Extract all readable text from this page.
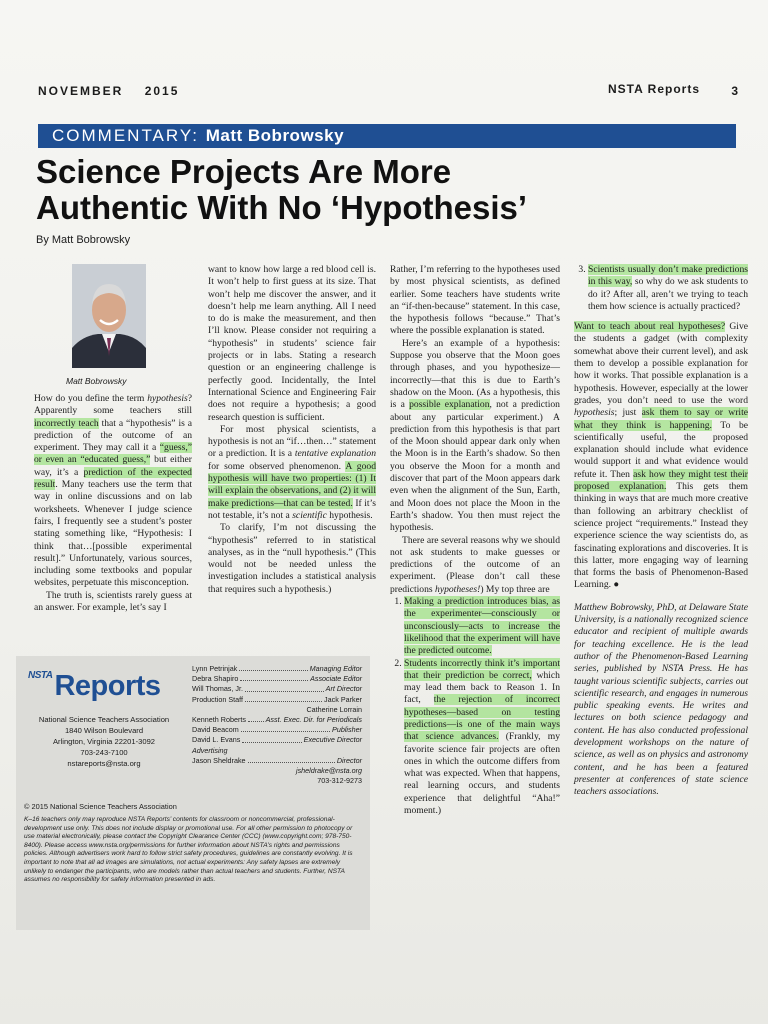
NOVEMBER 2015	NSTA Reports	3
COMMENTARY: Matt Bobrowsky
Science Projects Are More
Authentic With No ‘Hypothesis’
By Matt Bobrowsky
Matt Bobrowsky

How do you define the term hypothesis? Apparently some teachers still incorrectly teach that a “hypothesis” is a prediction of the outcome of an experiment. They may call it a “guess,” or even an “educated guess,” but either way, it’s a prediction of the expected result. Many teachers use the term that way in online discussions and on lab worksheets. Whenever I judge science fairs, I frequently see a student’s poster stating something like, “Hypothesis: I think that…[possible experimental result].” Unfortunately, various sources, including some textbooks and popular websites, perpetuate this misconception.

The truth is, scientists rarely guess at an answer. For example, let’s say I

want to know how large a red blood cell is. It won’t help to first guess at its size. That won’t help me discover the answer, and it doesn’t help me learn anything. All I need to do is make the measurement, and then I’ll know. Please consider not requiring a “hypothesis” in students’ science fair projects or in labs. Stating a research question or an engineering challenge is perfectly good. Incidentally, the Intel International Science and Engineering Fair does not require a hypothesis; a good research question is sufficient.

For most physical scientists, a hypothesis is not an “if…then…” statement or a prediction. It is a tentative explanation for some observed phenomenon. A good hypothesis will have two properties: (1) It will explain the observations, and (2) it will make predictions—that can be tested. If it’s not testable, it’s not a scientific hypothesis.

To clarify, I’m not discussing the “hypothesis” referred to in statistical analyses, as in the “null hypothesis.” (This would not be needed unless the investigation includes a statistical analysis that requires such a hypothesis.)

Rather, I’m referring to the hypotheses used by most physical scientists, as defined earlier. Some teachers have students write an “if-then-because” statement. In this case, the hypothesis follows “because.” That’s where the possible explanation is stated.

Here’s an example of a hypothesis: Suppose you observe that the Moon goes through phases, and you hypothesize—incorrectly—that this is due to Earth’s shadow on the Moon. (As a hypothesis, this is a possible explanation, not a prediction about any particular experiment.) A prediction from this hypothesis is that part of the Moon should appear dark only when the Moon is in the Earth’s shadow. So then you observe the Moon for a month and discover that part of the Moon appears dark even when the alignment of the Sun, Earth, and Moon does not place the Moon in the Earth’s shadow. You then must reject the hypothesis.

There are several reasons why we should not ask students to make guesses or predictions of the outcome of an experiment. (Please don’t call these predictions hypotheses!) My top three are

1. Making a prediction introduces bias, as the experimenter—consciously or unconsciously—acts to increase the likelihood that the experiment will have the predicted outcome.
2. Students incorrectly think it’s important that their prediction be correct, which may lead them back to Reason 1. In fact, the rejection of incorrect hypotheses—based on testing predictions—is one of the main ways that science advances. (Frankly, my favorite science fair projects are often ones in which the outcome differs from what was expected. When that happens, real learning occurs, and students experience that delightful “Aha!” moment.)
3. Scientists usually don’t make predictions in this way, so why do we ask students to do it? After all, aren’t we trying to teach them how science is actually practiced?

Want to teach about real hypotheses? Give the students a gadget (with complexity somewhat above their current level), and ask them to develop a possible explanation for how it works. That possible explanation is a hypothesis. However, especially at the lower grades, you don’t need to use the word hypothesis; just ask them to say or write what they think is happening. To be scientifically useful, the proposed explanation should include what evidence would support it and what evidence would refute it. Then ask how they might test their proposed explanation. This gets them thinking in ways that are much more creative than following an arbitrary checklist of science project “requirements.” Instead they experience science the way scientists do, as fascinating explorations and discoveries. It is this latter, more engaging way of learning that forms the basis of Phenomenon-Based Learning. ●

Matthew Bobrowsky, PhD, at Delaware State University, is a nationally recognized science educator and recipient of multiple awards for teaching excellence. He is the lead author of the Phenomenon-Based Learning series, published by NSTA Press. He has taught various scientific subjects, carries out scientific research, and engages in numerous public speaking events. He writes and lectures on both science pedagogy and content. He has also conducted professional development workshops on the nature of science, as well as on physics and astronomy content, and he has been a featured presenter at conferences of state science teachers associations.

$^{NSTA}$Reports
National Science Teachers Association
1840 Wilson Boulevard
Arlington, Virginia 22201-3092
703-243-7100
nstareports@nsta.org
Lynn Petrinjak	Managing Editor
Debra Shapiro	Associate Editor
Will Thomas, Jr.	Art Director
Production Staff	Jack Parker
Catherine Lorrain
Kenneth Roberts	Asst. Exec. Dir. for Periodicals
David Beacom	Publisher
David L. Evans	Executive Director
Advertising
Jason Sheldrake	Director
jsheldrake@nsta.org
703-312-9273
© 2015 National Science Teachers Association
K–16 teachers only may reproduce NSTA Reports’ contents for classroom or noncommercial, professional-development use only. This does not include display or promotional use. For all other permission to photocopy or use material electronically, please contact the Copyright Clearance Center (CCC) (www.copyright.com; 978-750-8400). Please access www.nsta.org/permissions for further information about NSTA’s rights and permissions policies. Although advertisers work hard to follow strict safety procedures, guidelines are constantly evolving. It is important to note that all ad images are simulations, not actual experiments: Any safety lapses are extremely unlikely to endanger the participants, who are models rather than actual teachers and students. Further, NSTA assumes no responsibility for safety information presented in ads.
